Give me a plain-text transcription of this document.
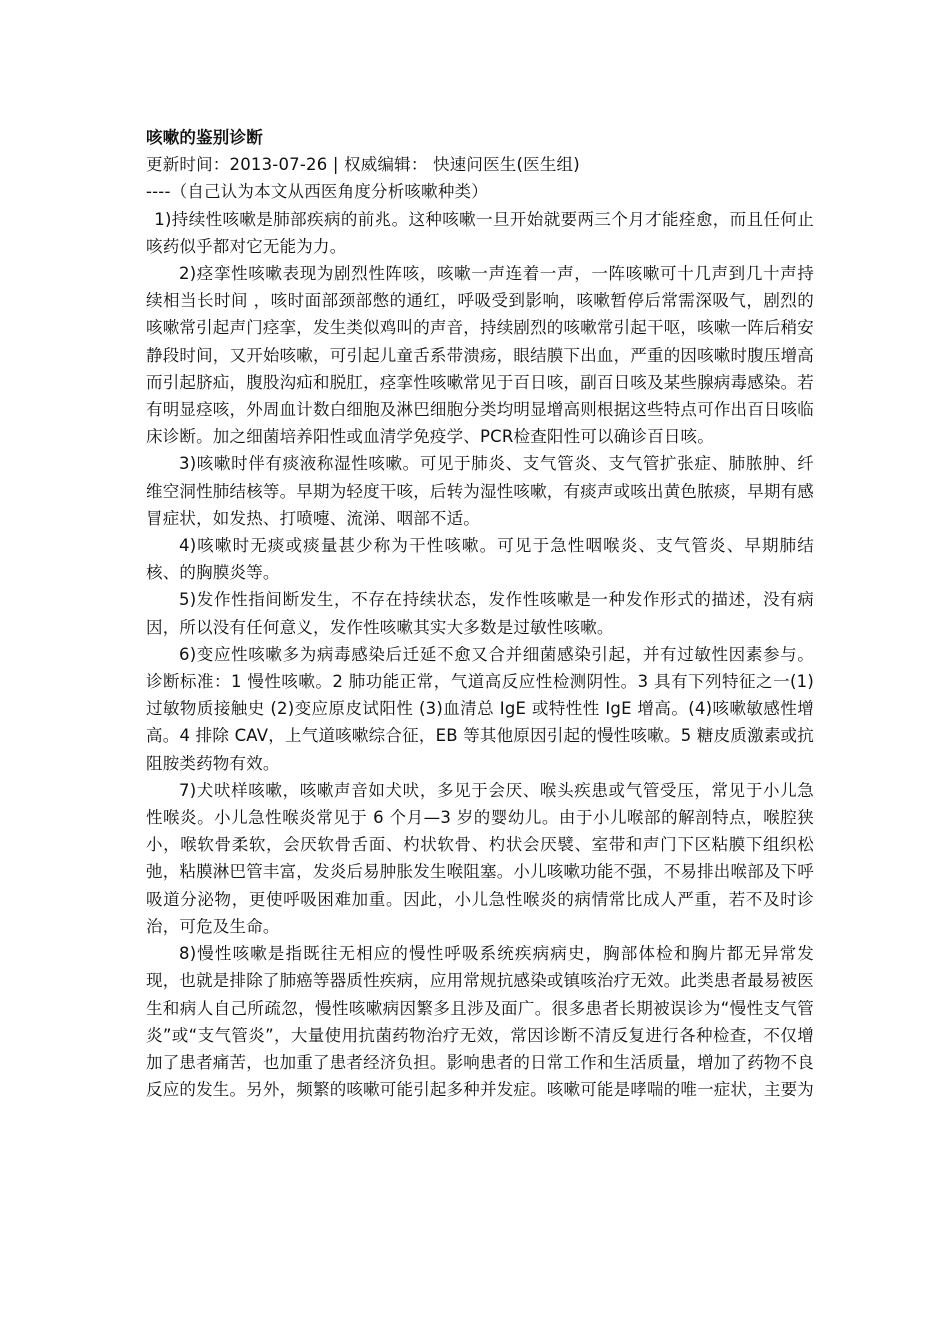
咳嗽的鉴别诊断

更新时间：2013-07-26 | 权威编辑： 快速问医生(医生组)

----（自己认为本文从西医角度分析咳嗽种类）

1)持续性咳嗽是肺部疾病的前兆。这种咳嗽一旦开始就要两三个月才能痊愈，而且任何止咳药似乎都对它无能为力。

2)痉挛性咳嗽表现为剧烈性阵咳，咳嗽一声连着一声，一阵咳嗽可十几声到几十声持续相当长时间 ，咳时面部颈部憋的通红，呼吸受到影响，咳嗽暂停后常需深吸气，剧烈的咳嗽常引起声门痉挛，发生类似鸡叫的声音，持续剧烈的咳嗽常引起干呕，咳嗽一阵后稍安静段时间，又开始咳嗽，可引起儿童舌系带溃疡，眼结膜下出血，严重的因咳嗽时腹压增高而引起脐疝，腹股沟疝和脱肛，痉挛性咳嗽常见于百日咳，副百日咳及某些腺病毒感染。若有明显痉咳，外周血计数白细胞及淋巴细胞分类均明显增高则根据这些特点可作出百日咳临床诊断。加之细菌培养阳性或血清学免疫学、PCR检查阳性可以确诊百日咳。

3)咳嗽时伴有痰液称湿性咳嗽。可见于肺炎、支气管炎、支气管扩张症、肺脓肿、纤维空洞性肺结核等。早期为轻度干咳，后转为湿性咳嗽，有痰声或咳出黄色脓痰，早期有感冒症状，如发热、打喷嚏、流涕、咽部不适。

4)咳嗽时无痰或痰量甚少称为干性咳嗽。可见于急性咽喉炎、支气管炎、早期肺结核、的胸膜炎等。

5)发作性指间断发生，不存在持续状态，发作性咳嗽是一种发作形式的描述，没有病因，所以没有任何意义，发作性咳嗽其实大多数是过敏性咳嗽。

6)变应性咳嗽多为病毒感染后迁延不愈又合并细菌感染引起，并有过敏性因素参与。诊断标准：1 慢性咳嗽。2 肺功能正常，气道高反应性检测阴性。3 具有下列特征之一(1)过敏物质接触史 (2)变应原皮试阳性 (3)血清总 IgE 或特性性 IgE 增高。(4)咳嗽敏感性增高。4 排除 CAV，上气道咳嗽综合征，EB 等其他原因引起的慢性咳嗽。5 糖皮质激素或抗阻胺类药物有效。

7)犬吠样咳嗽，咳嗽声音如犬吠，多见于会厌、喉头疾患或气管受压，常见于小儿急性喉炎。小儿急性喉炎常见于 6 个月—3 岁的婴幼儿。由于小儿喉部的解剖特点，喉腔狭小，喉软骨柔软，会厌软骨舌面、杓状软骨、杓状会厌襞、室带和声门下区粘膜下组织松弛，粘膜淋巴管丰富，发炎后易肿胀发生喉阻塞。小儿咳嗽功能不强，不易排出喉部及下呼吸道分泌物，更使呼吸困难加重。因此，小儿急性喉炎的病情常比成人严重，若不及时诊治，可危及生命。

8)慢性咳嗽是指既往无相应的慢性呼吸系统疾病病史，胸部体检和胸片都无异常发现，也就是排除了肺癌等器质性疾病，应用常规抗感染或镇咳治疗无效。此类患者最易被医生和病人自己所疏忽，慢性咳嗽病因繁多且涉及面广。很多患者长期被误诊为“慢性支气管炎”或“支气管炎”，大量使用抗菌药物治疗无效，常因诊断不清反复进行各种检查，不仅增加了患者痛苦，也加重了患者经济负担。影响患者的日常工作和生活质量，增加了药物不良反应的发生。另外，频繁的咳嗽可能引起多种并发症。咳嗽可能是哮喘的唯一症状，主要为
